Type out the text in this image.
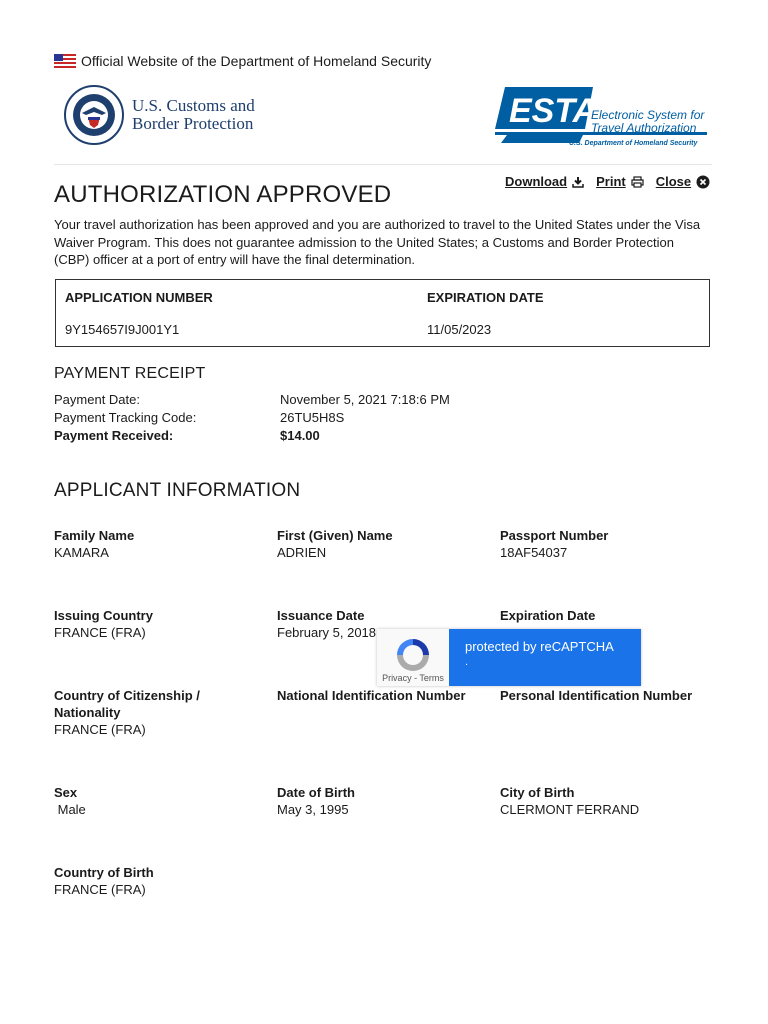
Official Website of the Department of Homeland Security
U.S. Customs and
Border Protection	ESTA
Electronic System for
Travel Authorization
U.S. Department of Homeland Security
AUTHORIZATION APPROVED	Download Print Close
Your travel authorization has been approved and you are authorized to travel to the United States under the Visa Waiver Program. This does not guarantee admission to the United States; a Customs and Border Protection (CBP) officer at a port of entry will have the final determination.
APPLICATION NUMBER	EXPIRATION DATE
9Y154657I9J001Y1	11/05/2023
PAYMENT RECEIPT
Payment Date:	November 5, 2021 7:18:6 PM
Payment Tracking Code:	26TU5H8S
Payment Received:	$14.00
APPLICANT INFORMATION
Family Name
KAMARA
First (Given) Name
ADRIEN
Passport Number
18AF54037
Issuing Country
FRANCE (FRA)
Issuance Date
February 5, 2018
Expiration Date
Country of Citizenship /
Nationality
FRANCE (FRA)
National Identification Number	Personal Identification Number
Sex
Male
Date of Birth
May 3, 1995
City of Birth
CLERMONT FERRAND
Country of Birth
FRANCE (FRA)
Privacy - Terms
protected by reCAPTCHA
.
